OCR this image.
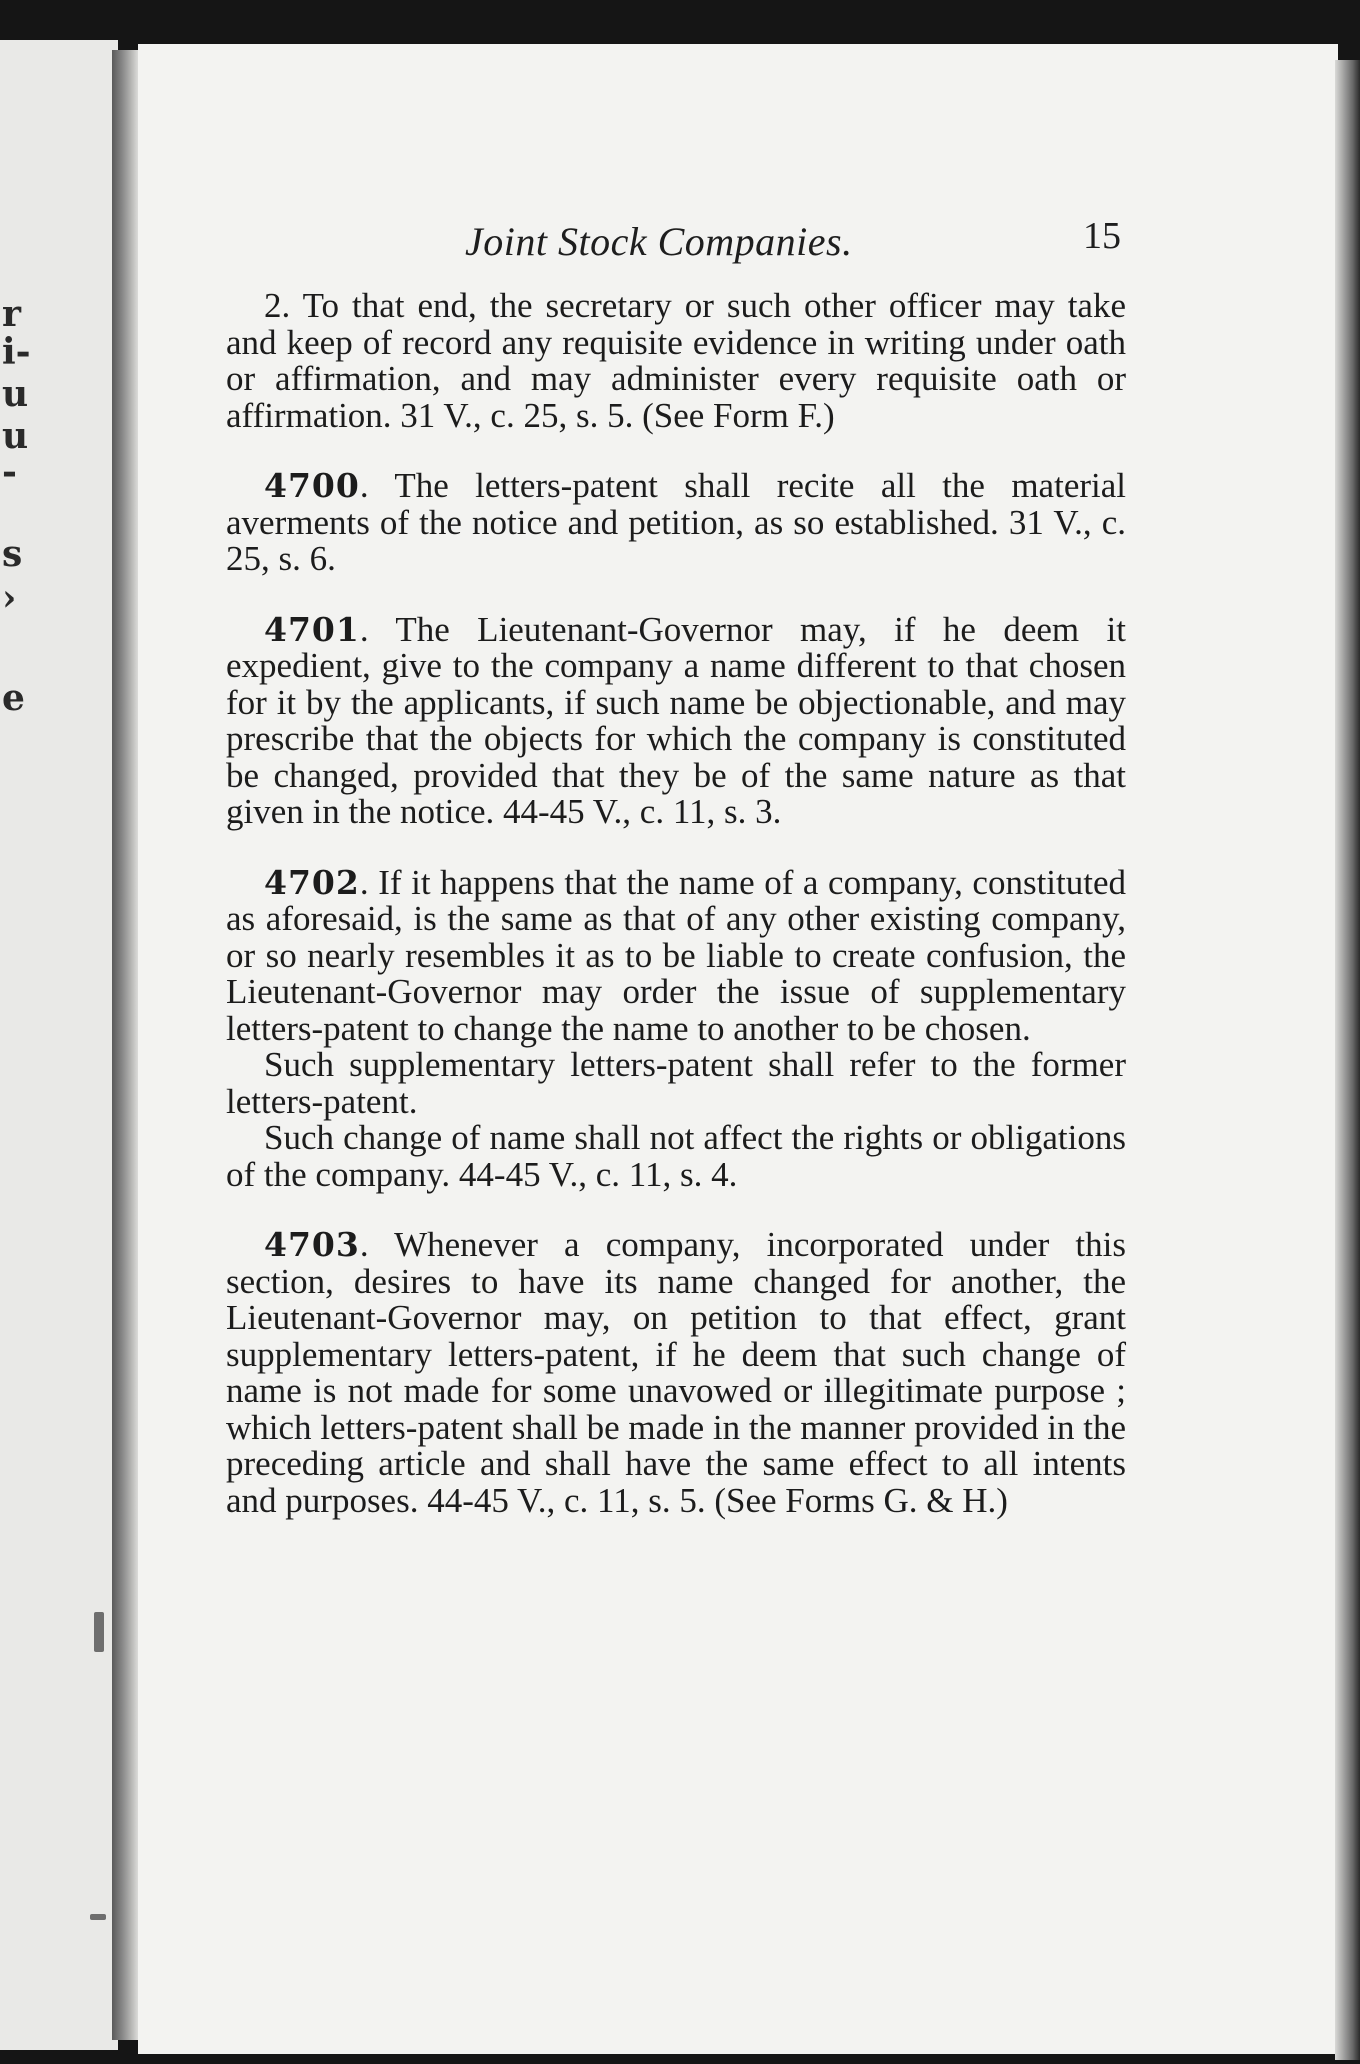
r
i-
u
u
-
s
›
e
Joint Stock Companies.	15

2. To that end, the secretary or such other officer may take and keep of record any requisite evidence in writing under oath or affirmation, and may administer every requisite oath or affirmation. 31 V., c. 25, s. 5. (See Form F.)

4700. The letters-patent shall recite all the material averments of the notice and petition, as so established. 31 V., c. 25, s. 6.

4701. The Lieutenant-Governor may, if he deem it expedient, give to the company a name different to that chosen for it by the applicants, if such name be objectionable, and may prescribe that the objects for which the company is constituted be changed, provided that they be of the same nature as that given in the notice. 44-45 V., c. 11, s. 3.

4702. If it happens that the name of a company, constituted as aforesaid, is the same as that of any other existing company, or so nearly resembles it as to be liable to create confusion, the Lieutenant-Governor may order the issue of supplementary letters-patent to change the name to another to be chosen.

Such supplementary letters-patent shall refer to the former letters-patent.

Such change of name shall not affect the rights or obligations of the company. 44-45 V., c. 11, s. 4.

4703. Whenever a company, incorporated under this section, desires to have its name changed for another, the Lieutenant-Governor may, on petition to that effect, grant supplementary letters-patent, if he deem that such change of name is not made for some unavowed or illegitimate purpose ; which letters-patent shall be made in the manner provided in the preceding article and shall have the same effect to all intents and purposes. 44-45 V., c. 11, s. 5. (See Forms G. & H.)
